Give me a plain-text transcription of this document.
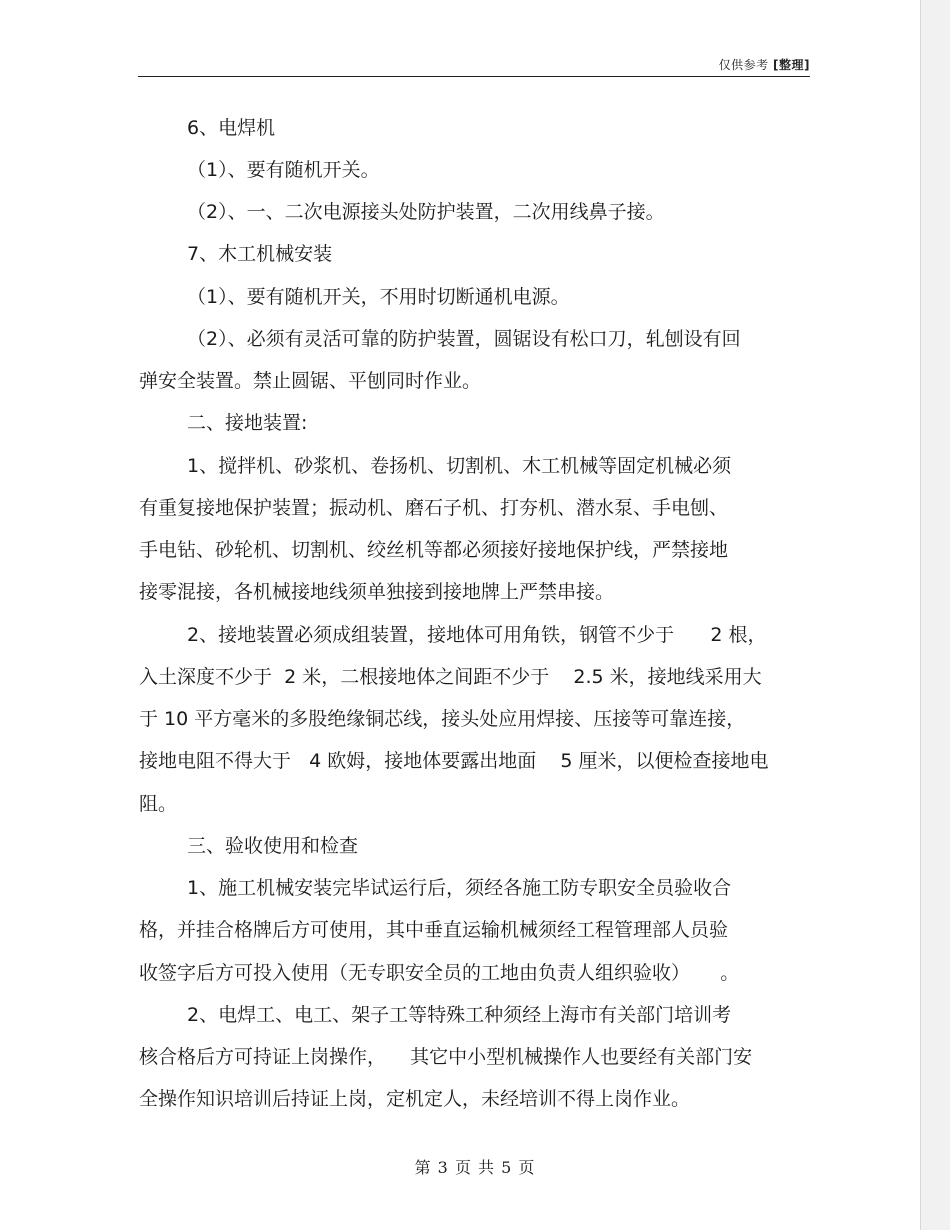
仅供参考 [整理]
6、电焊机
（1）、要有随机开关。
（2）、一、二次电源接头处防护装置，二次用线鼻子接。
7、木工机械安装
（1）、要有随机开关，不用时切断通机电源。
（2）、必须有灵活可靠的防护装置，圆锯设有松口刀，轧刨设有回
弹安全装置。禁止圆锯、平刨同时作业。
二、接地装置:
1、搅拌机、砂浆机、卷扬机、切割机、木工机械等固定机械必须
有重复接地保护装置；振动机、磨石子机、打夯机、潜水泵、手电刨、
手电钻、砂轮机、切割机、绞丝机等都必须接好接地保护线，严禁接地
接零混接，各机械接地线须单独接到接地牌上严禁串接。
2、接地装置必须成组装置，接地体可用角铁，钢管不少于      2 根，
入土深度不少于  2 米，二根接地体之间距不少于    2.5 米，接地线采用大
于 10 平方毫米的多股绝缘铜芯线，接头处应用焊接、压接等可靠连接，
接地电阻不得大于   4 欧姆，接地体要露出地面    5 厘米，以便检查接地电
阻。
三、验收使用和检查
1、施工机械安装完毕试运行后，须经各施工防专职安全员验收合
格，并挂合格牌后方可使用，其中垂直运输机械须经工程管理部人员验
收签字后方可投入使用（无专职安全员的工地由负责人组织验收）     。
2、电焊工、电工、架子工等特殊工种须经上海市有关部门培训考
核合格后方可持证上岗操作，    其它中小型机械操作人也要经有关部门安
全操作知识培训后持证上岗，定机定人，未经培训不得上岗作业。
第 3 页 共 5 页
